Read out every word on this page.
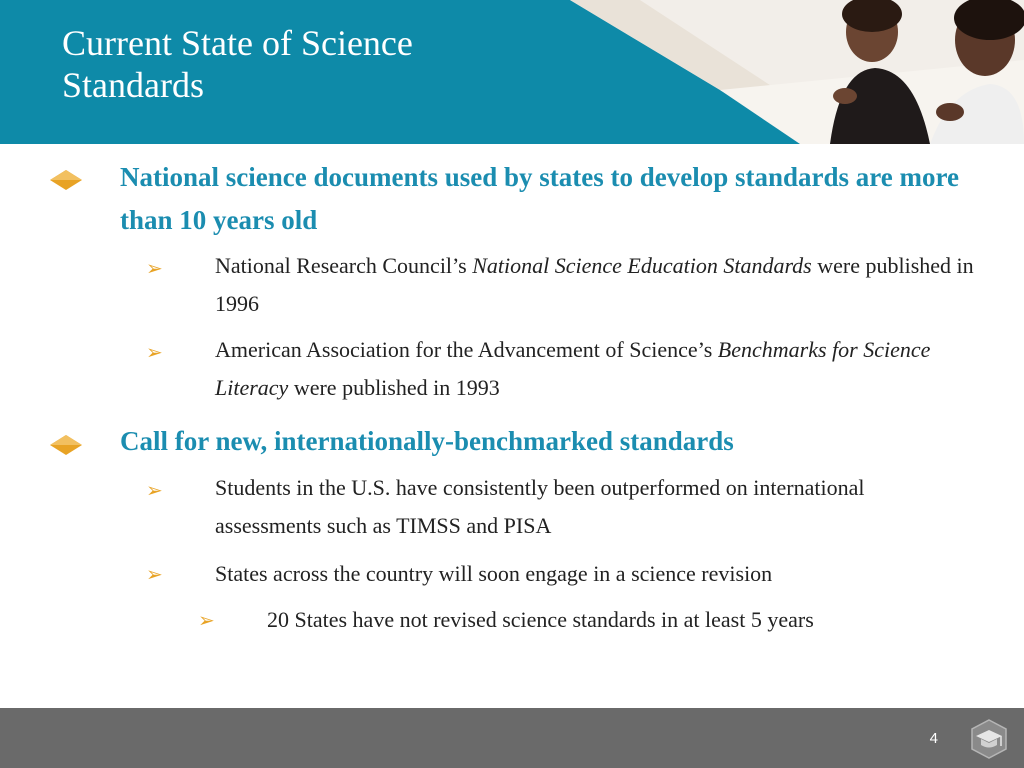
Current State of Science Standards
National science documents used by states to develop standards are more than 10 years old
➢ National Research Council’s National Science Education Standards were published in 1996
➢ American Association for the Advancement of Science’s Benchmarks for Science Literacy were published in 1993
Call for new, internationally-benchmarked standards
➢ Students in the U.S. have consistently been outperformed on international assessments such as TIMSS and PISA
➢ States across the country will soon engage in a science revision
➢ 20 States have not revised science standards in at least 5 years
4
